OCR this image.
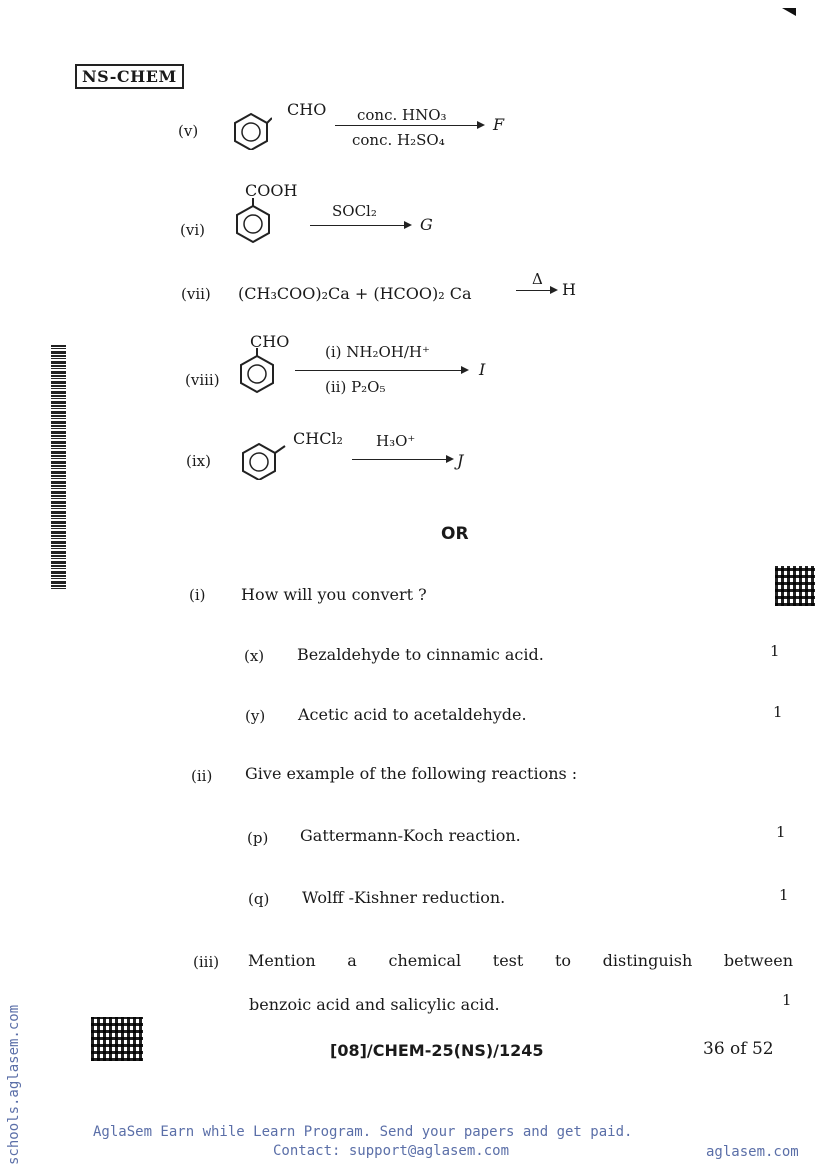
NS-CHEM
(v)
CHO conc. HNO₃
conc. H₂SO₄
F
(vi)
COOH
SOCl₂
G
(vii) (CH₃COO)₂Ca + (HCOO)₂ Ca
Δ
→ H
(viii)
CHO
(i) NH₂OH/H⁺
(ii) P₂O₅
I
(ix)
CHCl₂ H₃O⁺
J
OR
(i) How will you convert ?
(x) Bezaldehyde to cinnamic acid.	1
(y) Acetic acid to acetaldehyde.	1
(ii) Give example of the following reactions :
(p) Gattermann-Koch reaction.	1
(q) Wolff -Kishner reduction.	1
(iii) Mention a chemical test to distinguish between
benzoic acid and salicylic acid.	1
[08]/CHEM-25(NS)/1245	36 of 52
AglaSem Earn while Learn Program. Send your papers and get paid.
Contact: support@aglasem.com	aglasem.com
schools.aglasem.com
